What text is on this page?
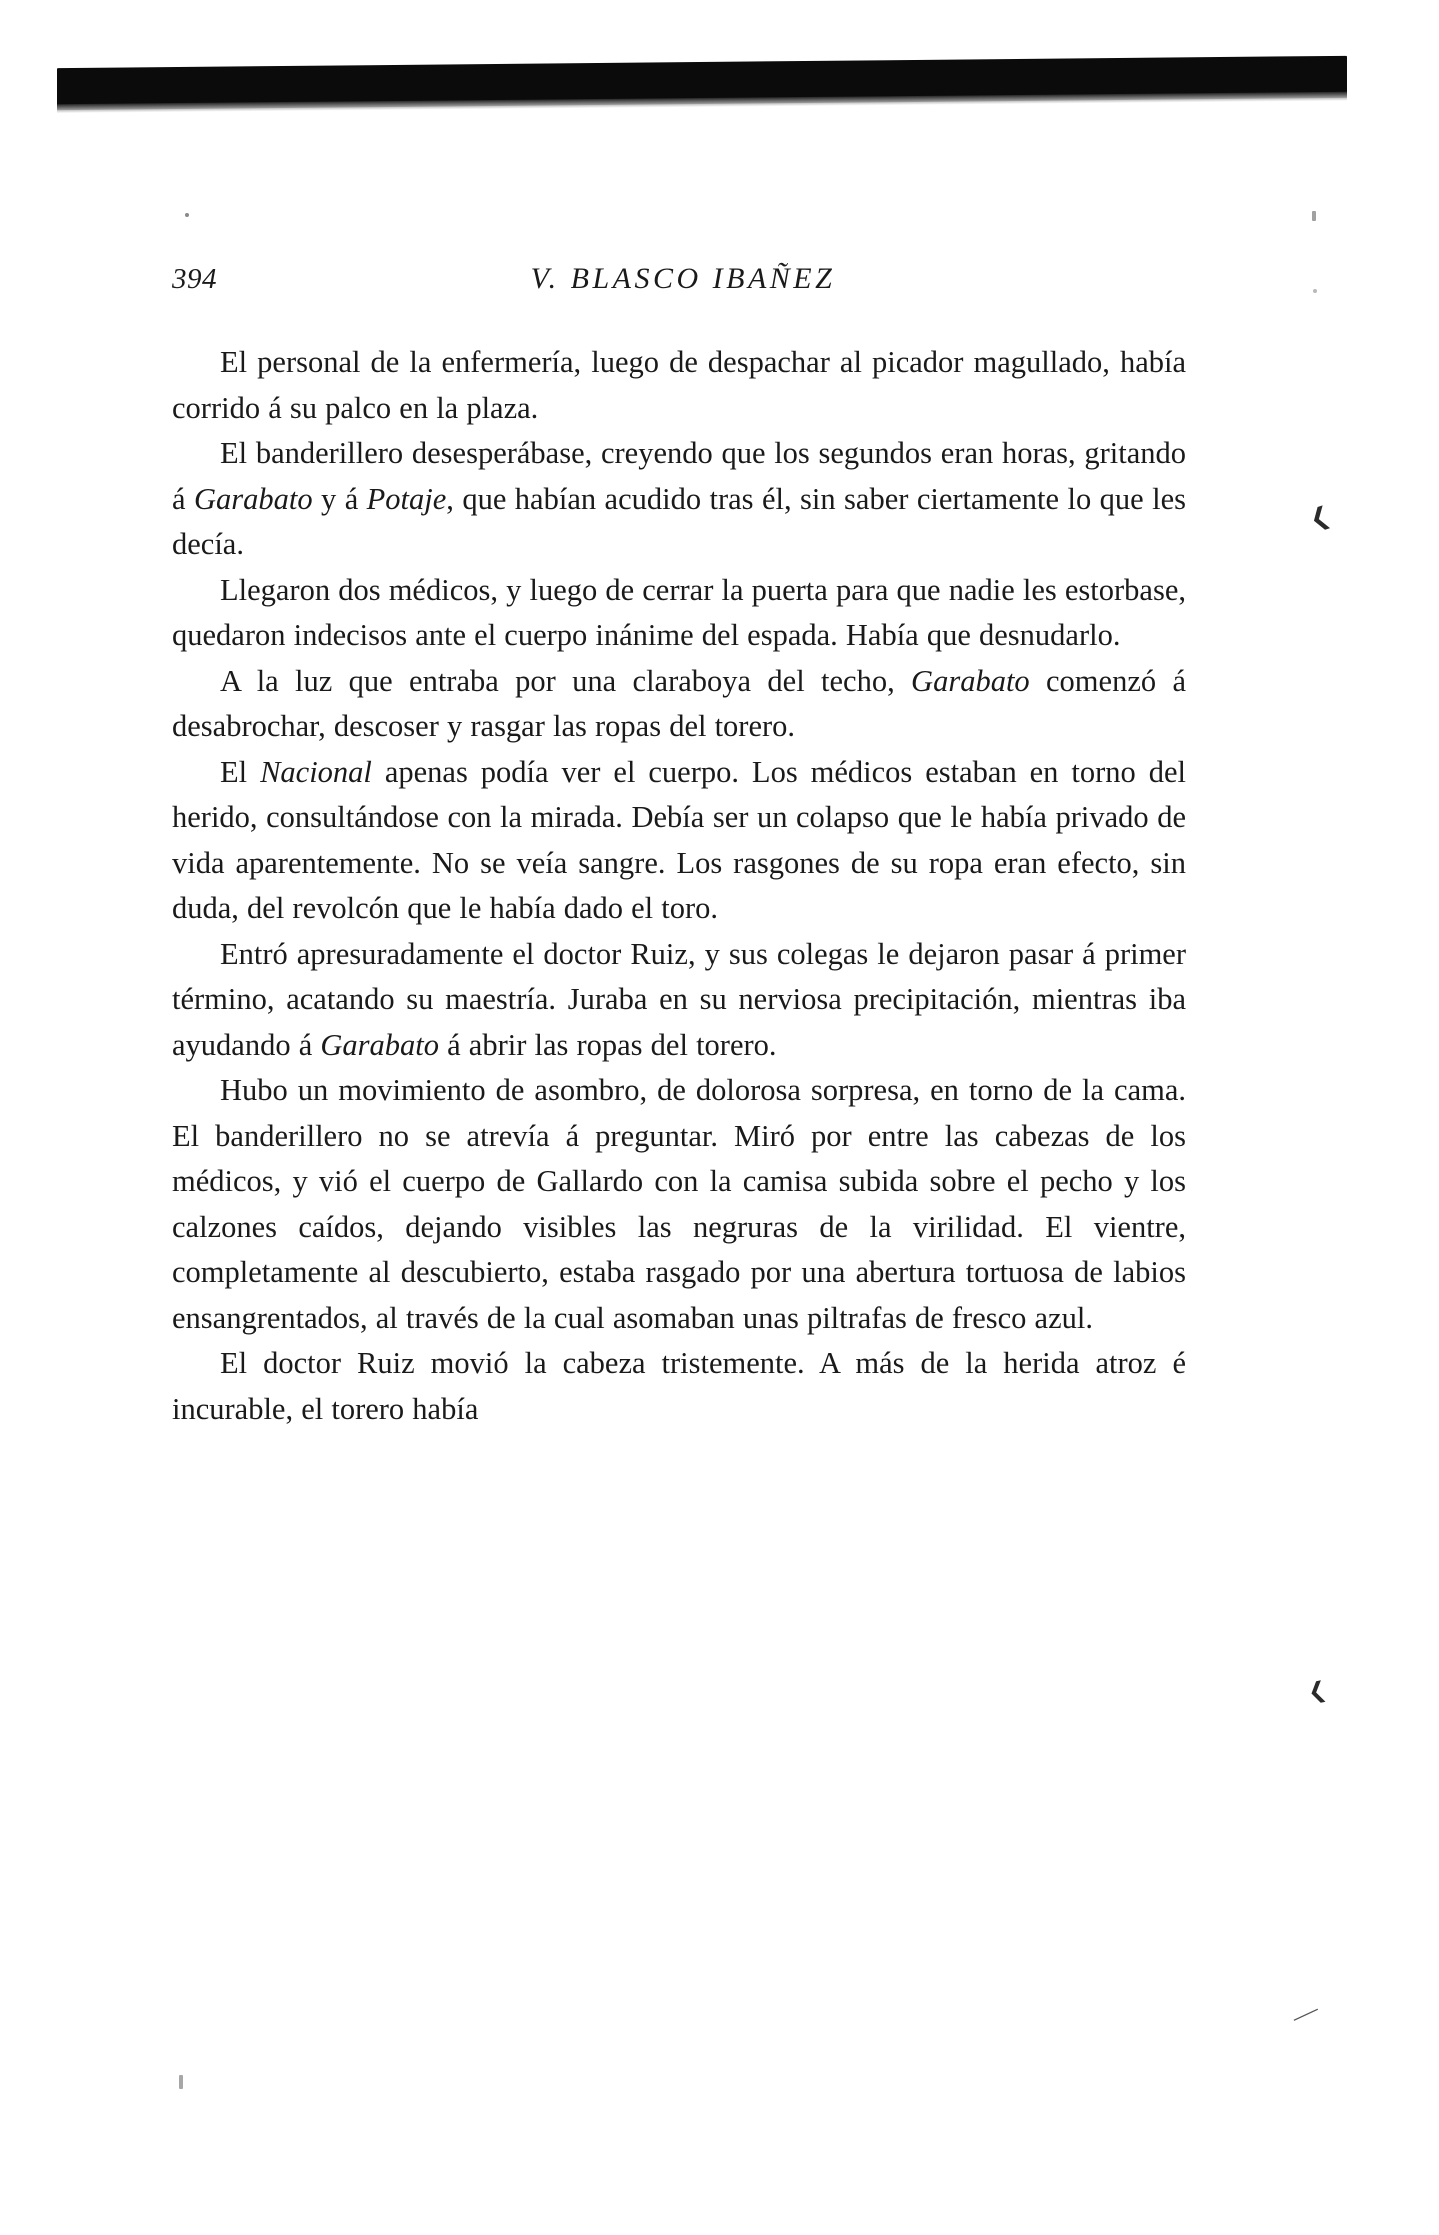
❮
❮
—
394	V. BLASCO IBAÑEZ

El personal de la enfermería, luego de despachar al picador magullado, había corrido á su palco en la plaza.

El banderillero desesperábase, creyendo que los segundos eran horas, gritando á Garabato y á Potaje, que habían acudido tras él, sin saber ciertamente lo que les decía.

Llegaron dos médicos, y luego de cerrar la puerta para que nadie les estorbase, quedaron indecisos ante el cuerpo inánime del espada. Había que desnudarlo.

A la luz que entraba por una claraboya del techo, Garabato comenzó á desabrochar, descoser y rasgar las ropas del torero.

El Nacional apenas podía ver el cuerpo. Los médicos estaban en torno del herido, consultándose con la mirada. Debía ser un colapso que le había privado de vida aparentemente. No se veía sangre. Los rasgones de su ropa eran efecto, sin duda, del revolcón que le había dado el toro.

Entró apresuradamente el doctor Ruiz, y sus colegas le dejaron pasar á primer término, acatando su maestría. Juraba en su nerviosa precipitación, mientras iba ayudando á Garabato á abrir las ropas del torero.

Hubo un movimiento de asombro, de dolorosa sorpresa, en torno de la cama. El banderillero no se atrevía á preguntar. Miró por entre las cabezas de los médicos, y vió el cuerpo de Gallardo con la camisa subida sobre el pecho y los calzones caídos, dejando visibles las negruras de la virilidad. El vientre, completamente al descubierto, estaba rasgado por una abertura tortuosa de labios ensangrentados, al través de la cual asomaban unas piltrafas de fresco azul.

El doctor Ruiz movió la cabeza tristemente. A más de la herida atroz é incurable, el torero había
